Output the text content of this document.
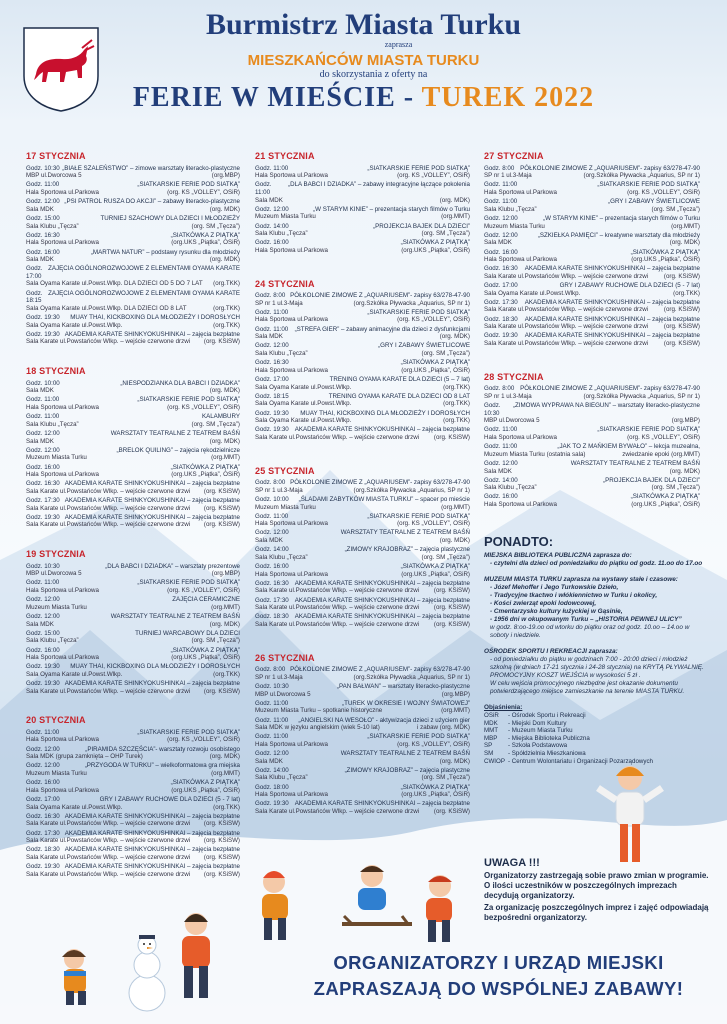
Burmistrz Miasta Turku
zaprasza
MIESZKAŃCÓW MIASTA TURKU
do skorzystania z oferty na
FERIE W MIEŚCIE - TUREK 2022
17 STYCZNIA
Godz. 10:30 „BIAŁE SZALEŃSTWO” – zimowe warsztaty literacko-plastyczne
MBP ul.Dworcowa 5	(org.MBP)
Godz. 11:00	„SIATKARSKIE FERIE POD SIATKĄ”
Hala Sportowa ul.Parkowa	(org. KS „VOLLEY”, OSiR)
Godz. 12:00 „PSI PATROL RUSZA DO AKCJI” – zabawy literacko-plastyczne
Sala MDK	(org. MDK)
Godz. 15:00	TURNIEJ SZACHOWY DLA DZIECI I MŁODZIEŻY
Sala Klubu „Tęcza”	(org. SM „Tęcza”)
Godz. 16:30	„SIATKÓWKA Z PIĄTKĄ”
Hala Sportowa ul.Parkowa	(org.UKS „Piątka”, OSiR)
Godz. 16:00	„MARTWA NATUR” – podstawy rysunku dla młodzieży
Sala MDK	(org. MDK)
Godz. 17:00
ZAJĘCIA OGÓLNOROZWOJOWE Z ELEMENTAMI OYAMA KARATE
Sala Oyama Karate ul.Powst.Wlkp. DLA DZIECI OD 5 DO 7 LAT (org.TKK)
Godz. 18:15
ZAJĘCIA OGÓLNOROZWOJOWE Z ELEMENTAMI OYAMA KARATE
Sala Oyama Karate ul.Powst.Wlkp. DLA DZIECI OD 8 LAT	(org.TKK)
Godz. 19:30 MUAY THAI, KICKBOXING DLA MŁODZIEŻY I DOROSŁYCH
Sala Oyama Karate ul.Powst.Wlkp.	(org.TKK)
Godz. 19:30 AKADEMIA KARATE SHINKYOKUSHINKAI – zajęcia bezpłatne
Sala Karate ul.Powstańców Wlkp. – wejście czerwone drzwi (org. KSiSW)
18 STYCZNIA
Godz. 10:00	„NIESPODZIANKA DLA BABCI I DZIADKA”
Sala MDK	(org. MDK)
Godz. 11:00	„SIATKARSKIE FERIE POD SIATKĄ”
Hala Sportowa ul.Parkowa	(org. KS „VOLLEY”, OSiR)
Godz. 11:00	KALAMBURY
Sala Klubu „Tęcza”	(org. SM „Tęcza”)
Godz. 12:00	WARSZTATY TEATRALNE Z TEATREM BAŚŃ
Sala MDK	(org. MDK)
Godz. 12:00	„BRELOK QUILING” – zajęcia rękodzielnicze
Muzeum Miasta Turku	(org.MMT)
Godz. 16:00	„SIATKÓWKA Z PIĄTKĄ”
Hala Sportowa ul.Parkowa	(org.UKS „Piątka”, OSiR)
Godz. 16:30 AKADEMIA KARATE SHINKYOKUSHINKAI – zajęcia bezpłatne
Sala Karate ul.Powstańców Wlkp. – wejście czerwone drzwi (org. KSiSW)
Godz. 17:30 AKADEMIA KARATE SHINKYOKUSHINKAI – zajęcia bezpłatne
Sala Karate ul.Powstańców Wlkp. – wejście czerwone drzwi (org. KSiSW)
Godz. 19:30 AKADEMIA KARATE SHINKYOKUSHINKAI – zajęcia bezpłatne
Sala Karate ul.Powstańców Wlkp. – wejście czerwone drzwi (org. KSiSW)
19 STYCZNIA
Godz. 10:30	„DLA BABCI I DZIADKA” – warsztaty prezentowe
MBP ul.Dworcowa 5	(org.MBP)
Godz. 11:00	„SIATKARSKIE FERIE POD SIATKĄ”
Hala Sportowa ul.Parkowa	(org. KS „VOLLEY”, OSiR)
Godz. 12:00	ZAJĘCIA CERAMICZNE
Muzeum Miasta Turku	(org.MMT)
Godz. 12:00	WARSZTATY TEATRALNE Z TEATREM BAŚŃ
Sala MDK	(org. MDK)
Godz. 15:00	TURNIEJ WARCABOWY DLA DZIECI
Sala Klubu „Tęcza”	(org. SM „Tęcza”)
Godz. 16:00	„SIATKÓWKA Z PIĄTKĄ”
Hala Sportowa ul.Parkowa	(org.UKS „Piątka”, OSiR)
Godz. 19:30 MUAY THAI, KICKBOXING DLA MŁODZIEŻY I DOROSŁYCH
Sala Oyama Karate ul.Powst.Wlkp.	(org.TKK)
Godz. 19:30 AKADEMIA KARATE SHINKYOKUSHINKAI – zajęcia bezpłatne
Sala Karate ul.Powstańców Wlkp. – wejście czerwone drzwi (org. KSiSW)
20 STYCZNIA
Godz. 11:00	„SIATKARSKIE FERIE POD SIATKĄ”
Hala Sportowa ul.Parkowa	(org. KS „VOLLEY”, OSiR)
Godz. 12:00	„PIRAMIDA SZCZĘŚCIA”- warsztaty rozwoju osobistego
Sala MDK (grupa zamknięta – OHP Turek)	(org. MDK)
Godz. 12:00	„PRZYGODA W TURKU” – wielkoformatowa gra miejska
Muzeum Miasta Turku	(org.MMT)
Godz. 16:00	„SIATKÓWKA Z PIĄTKĄ”
Hala Sportowa ul.Parkowa	(org.UKS „Piątka”, OSiR)
Godz. 17:00	GRY I ZABAWY RUCHOWE DLA DZIECI (5 - 7 lat)
Sala Oyama Karate ul.Powst.Wlkp.	(org.TKK)
Godz. 16:30 AKADEMIA KARATE SHINKYOKUSHINKAI – zajęcia bezpłatne
Sala Karate ul.Powstańców Wlkp. – wejście czerwone drzwi (org. KSiSW)
Godz. 17:30 AKADEMIA KARATE SHINKYOKUSHINKAI – zajęcia bezpłatne
Sala Karate ul.Powstańców Wlkp. – wejście czerwone drzwi (org. KSiSW)
Godz. 18:30 AKADEMIA KARATE SHINKYOKUSHINKAI – zajęcia bezpłatne
Sala Karate ul.Powstańców Wlkp. – wejście czerwone drzwi (org. KSiSW)
Godz. 19:30 AKADEMIA KARATE SHINKYOKUSHINKAI – zajęcia bezpłatne
Sala Karate ul.Powstańców Wlkp. – wejście czerwone drzwi (org. KSiSW)
21 STYCZNIA
Godz. 11:00	„SIATKARSKIE FERIE POD SIATKĄ”
Hala Sportowa ul.Parkowa	(org. KS „VOLLEY”, OSiR)
Godz. 11:00
„DLA BABCI I DZIADKA” – zabawy integracyjne łączące pokolenia
Sala MDK	(org. MDK)
Godz. 12:00	„W STARYM KINIE” – prezentacja starych filmów o Turku
Muzeum Miasta Turku	(org.MMT)
Godz. 14:00	„PROJEKCJA BAJEK DLA DZIECI”
Sala Klubu „Tęcza”	(org. SM „Tęcza”)
Godz. 16:00	„SIATKÓWKA Z PIĄTKĄ”
Hala Sportowa ul.Parkowa	(org.UKS „Piątka”, OSiR)
24 STYCZNIA
Godz. 8:00 PÓŁKOLONIE ZIMOWE Z „AQUARIUSEM”- zapisy 63/278-47-90
SP nr 1 ul.3-Maja	(org.Szkółka Pływacka „Aquarius, SP nr 1)
Godz. 11:00	„SIATKARSKIE FERIE POD SIATKĄ”
Hala Sportowa ul.Parkowa	(org. KS „VOLLEY”, OSiR)
Godz. 11:00 „STREFA GIER” – zabawy animacyjne dla dzieci z dysfunkcjami
Sala MDK	(org. MDK)
Godz. 12:00	„GRY I ZABAWY ŚWIETLICOWE
Sala Klubu „Tęcza”	(org. SM „Tęcza”)
Godz. 16:30	„SIATKÓWKA Z PIĄTKĄ”
Hala Sportowa ul.Parkowa	(org.UKS „Piątka”, OSiR)
Godz. 17:00	TRENING OYAMA KARATE DLA DZIECI (5 – 7 lat)
Sala Oyama Karate ul.Powst.Wlkp.	(org.TKK)
Godz. 18:15	TRENING OYAMA KARATE DLA DZIECI OD 8 LAT
Sala Oyama Karate ul.Powst.Wlkp.	(org.TKK)
Godz. 19:30 MUAY THAI, KICKBOXING DLA MŁODZIEŻY I DOROSŁYCH
Sala Oyama Karate ul.Powst.Wlkp.	(org.TKK)
Godz. 19:30 AKADEMIA KARATE SHINKYOKUSHINKAI – zajęcia bezpłatne
Sala Karate ul.Powstańców Wlkp. – wejście czerwone drzwi (org. KSiSW)
25 STYCZNIA
Godz. 8:00 PÓŁKOLONIE ZIMOWE Z „AQUARIUSEM”- zapisy 63/278-47-90
SP nr 1 ul.3-Maja	(org.Szkółka Pływacka „Aquarius, SP nr 1)
Godz. 10:00 „ŚLADAMI ZABYTKÓW MIASTA TURKU” – spacer po mieście
Muzeum Miasta Turku	(org.MMT)
Godz. 11:00	„SIATKARSKIE FERIE POD SIATKĄ”
Hala Sportowa ul.Parkowa	(org. KS „VOLLEY”, OSiR)
Godz. 12:00	WARSZTATY TEATRALNE Z TEATREM BAŚŃ
Sala MDK	(org. MDK)
Godz. 14:00	„ZIMOWY KRAJOBRAZ” – zajęcia plastyczne
Sala Klubu „Tęcza”	(org. SM „Tęcza”)
Godz. 16:00	„SIATKÓWKA Z PIĄTKĄ”
Hala Sportowa ul.Parkowa	(org.UKS „Piątka”, OSiR)
Godz. 16:30 AKADEMIA KARATE SHINKYOKUSHINKAI – zajęcia bezpłatne
Sala Karate ul.Powstańców Wlkp. – wejście czerwone drzwi (org. KSiSW)
Godz. 17:30 AKADEMIA KARATE SHINKYOKUSHINKAI – zajęcia bezpłatne
Sala Karate ul.Powstańców Wlkp. – wejście czerwone drzwi (org. KSiSW)
Godz. 18:30 AKADEMIA KARATE SHINKYOKUSHINKAI – zajęcia bezpłatne
Sala Karate ul.Powstańców Wlkp. – wejście czerwone drzwi (org. KSiSW)
26 STYCZNIA
Godz. 8:00 PÓŁKOLONIE ZIMOWE Z „AQUARIUSEM”- zapisy 63/278-47-90
SP nr 1 ul.3-Maja	(org.Szkółka Pływacka „Aquarius, SP nr 1)
Godz. 10:30	„PAN BAŁWAN” – warsztaty literacko-plastyczne
MBP ul.Dworcowa 5	(org.MBP)
Godz. 11:00	„TUREK W OKRESIE I WOJNY ŚWIATOWEJ”
Muzeum Miasta Turku – spotkanie historyczne	(org.MMT)
Godz. 11:00 „ANGIELSKI NA WESOŁO” - aktywizacja dzieci z użyciem gier
Sala MDK w języku angielskim (wiek 5-10 lat)	i zabaw (org. MDK)
Godz. 11:00	„SIATKARSKIE FERIE POD SIATKĄ”
Hala Sportowa ul.Parkowa	(org. KS „VOLLEY”, OSiR)
Godz. 12:00	WARSZTATY TEATRALNE Z TEATREM BAŚŃ
Sala MDK	(org. MDK)
Godz. 14:00	„ZIMOWY KRAJOBRAZ” – zajęcia plastyczne
Sala Klubu „Tęcza”	(org. SM „Tęcza”)
Godz. 18:00	„SIATKÓWKA Z PIĄTKĄ”
Hala Sportowa ul.Parkowa	(org.UKS „Piątka”, OSiR)
Godz. 19:30 AKADEMIA KARATE SHINKYOKUSHINKAI – zajęcia bezpłatne
Sala Karate ul.Powstańców Wlkp. – wejście czerwone drzwi (org. KSiSW)
27 STYCZNIA
Godz. 8:00 PÓŁKOLONIE ZIMOWE Z „AQUARIUSEM”- zapisy 63/278-47-90
SP nr 1 ul.3-Maja	(org.Szkółka Pływacka „Aquarius, SP nr 1)
Godz. 11:00	„SIATKARSKIE FERIE POD SIATKĄ”
Hala Sportowa ul.Parkowa	(org. KS „VOLLEY”, OSiR)
Godz. 11:00	„GRY I ZABAWY ŚWIETLICOWE
Sala Klubu „Tęcza”	(org. SM „Tęcza”)
Godz. 12:00	„W STARYM KINIE” – prezentacja starych filmów o Turku
Muzeum Miasta Turku	(org.MMT)
Godz. 12:00	„SZKIEŁKA PAMIĘCI” – kreatywne warsztaty dla młodzieży
Sala MDK	(org. MDK)
Godz. 16:00	„SIATKÓWKA Z PIĄTKĄ”
Hala Sportowa ul.Parkowa	(org.UKS „Piątka”, OSiR)
Godz. 16:30 AKADEMIA KARATE SHINKYOKUSHINKAI – zajęcia bezpłatne
Sala Karate ul.Powstańców Wlkp. – wejście czerwone drzwi	(org. KSiSW)
Godz. 17:00	GRY I ZABAWY RUCHOWE DLA DZIECI (5 - 7 lat)
Sala Oyama Karate ul.Powst.Wlkp.	(org.TKK)
Godz. 17:30 AKADEMIA KARATE SHINKYOKUSHINKAI – zajęcia bezpłatne
Sala Karate ul.Powstańców Wlkp. – wejście czerwone drzwi	(org. KSiSW)
Godz. 18:30 AKADEMIA KARATE SHINKYOKUSHINKAI – zajęcia bezpłatne
Sala Karate ul.Powstańców Wlkp. – wejście czerwone drzwi	(org. KSiSW)
Godz. 19:30 AKADEMIA KARATE SHINKYOKUSHINKAI – zajęcia bezpłatne
Sala Karate ul.Powstańców Wlkp. – wejście czerwone drzwi	(org. KSiSW)
28 STYCZNIA
Godz. 8:00 PÓŁKOLONIE ZIMOWE Z „AQUARIUSEM”- zapisy 63/278-47-90
SP nr 1 ul.3-Maja	(org.Szkółka Pływacka „Aquarius, SP nr 1)
Godz. 10:30
„ZIMOWA WYPRAWA NA BIEGUN” – warsztaty literacko-plastyczne
MBP ul.Dworcowa 5	(org.MBP)
Godz. 11:00	„SIATKARSKIE FERIE POD SIATKĄ”
Hala Sportowa ul.Parkowa	(org. KS „VOLLEY”, OSiR)
Godz. 11:00	„JAK TO Z MAŃKIEM BYWAŁO” – lekcja muzealna,
Muzeum Miasta Turku (ostatnia sala)	zwiedzanie epoki (org.MMT)
Godz. 12:00	WARSZTATY TEATRALNE Z TEATREM BAŚŃ
Sala MDK	(org. MDK)
Godz. 14:00	„PROJEKCJA BAJEK DLA DZIECI”
Sala Klubu „Tęcza”	(org. SM „Tęcza”)
Godz. 16:00	„SIATKÓWKA Z PIĄTKĄ”
Hala Sportowa ul.Parkowa	(org.UKS „Piątka”, OSiR)
PONADTO:
MIEJSKA BIBLIOTEKA PUBLICZNA zaprasza do:
- czytelni dla dzieci od poniedziałku do piątku od godz. 11.oo do 17.oo
MUZEUM MIASTA TURKU zaprasza na wystawy stałe i czasowe:
- Józef Mehoffer i Jego Turkowskie Dzieło,
- Tradycyjne tkactwo i włókiennictwo w Turku i okolicy,
- Kości zwierząt epoki lodowcowej,
- Cmentarzysko kultury łużyckiej w Gąsinie,
- 1956 dni w okupowanym Turku – „HISTORIA PEWNEJ ULICY”
w godz. 8:oo-19.oo od wtorku do piątku oraz od godz. 10.oo – 14.oo w soboty i niedziele.
OŚRODEK SPORTU I REKREACJI zaprasza:
- od poniedziałku do piątku w godzinach 7:00 - 20:00 dzieci i młodzież szkolną (w dniach 17-21 stycznia i 24-28 stycznia) na KRYTĄ PŁYWALNIĘ. PROMOCYJNY KOSZT WEJŚCIA w wysokości 5 zł .
W celu wejścia promocyjnego niezbędne jest okazanie dokumentu potwierdzającego miejsce zamieszkanie na terenie MIASTA TURKU.
Objaśnienia:
OSiR	- Ośrodek Sportu i Rekreacji
MDK	- Miejski Dom Kultury
MMT	- Muzeum Miasta Turku
MBP	- Miejska Biblioteka Publiczna
SP	- Szkoła Podstawowa
SM	- Spółdzielnia Mieszkaniowa
CWIOP	- Centrum Wolontariatu i Organizacji Pozarządowych
UWAGA !!!
Organizatorzy zastrzegają sobie prawo zmian w programie. O ilości uczestników w poszczególnych imprezach decydują organizatorzy.
Za organizację poszczególnych imprez i zajęć odpowiadają bezpośredni organizatorzy.
ORGANIZATORZY I URZĄD MIEJSKI
ZAPRASZAJĄ DO WSPÓLNEJ ZABAWY!
